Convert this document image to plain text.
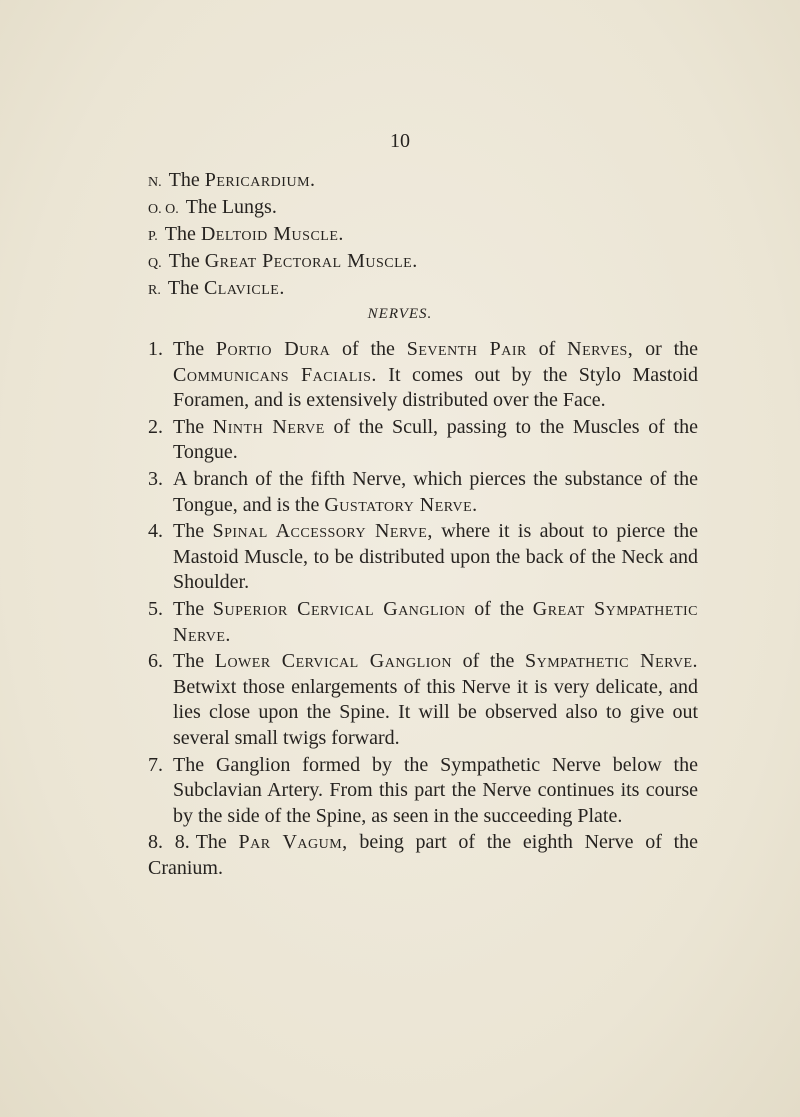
10
N. The Pericardium.
O. O. The Lungs.
P. The Deltoid Muscle.
Q. The Great Pectoral Muscle.
R. The Clavicle.
NERVES.
1. The Portio Dura of the Seventh Pair of Nerves, or the Communicans Facialis. It comes out by the Stylo Mastoid Foramen, and is extensively distributed over the Face.
2. The Ninth Nerve of the Scull, passing to the Muscles of the Tongue.
3. A branch of the fifth Nerve, which pierces the substance of the Tongue, and is the Gustatory Nerve.
4. The Spinal Accessory Nerve, where it is about to pierce the Mastoid Muscle, to be distributed upon the back of the Neck and Shoulder.
5. The Superior Cervical Ganglion of the Great Sympathetic Nerve.
6. The Lower Cervical Ganglion of the Sympathetic Nerve. Betwixt those enlargements of this Nerve it is very delicate, and lies close upon the Spine. It will be observed also to give out several small twigs forward.
7. The Ganglion formed by the Sympathetic Nerve below the Subclavian Artery. From this part the Nerve continues its course by the side of the Spine, as seen in the succeeding Plate.
8. 8. The Par Vagum, being part of the eighth Nerve of the Cranium.
